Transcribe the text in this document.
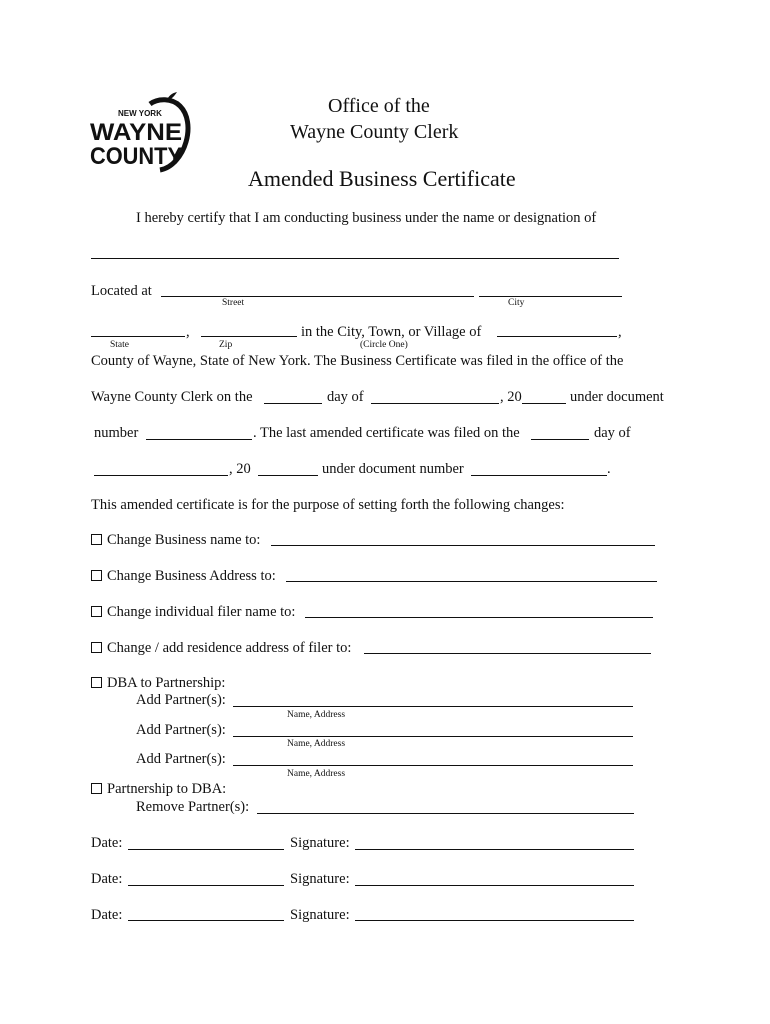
NEW YORK
WAYNE
COUNTY
Office of the
Wayne County Clerk
Amended Business Certificate
I hereby certify that I am conducting business under the name or designation of
Located at
Street	City
,	in the City, Town, or Village of	,
State	Zip	(Circle One)
County of Wayne, State of New York. The Business Certificate was filed in the office of the
Wayne County Clerk on the	day of	, 20	under document
number	. The last amended certificate was filed on the	day of
, 20	under document number	.
This amended certificate is for the purpose of setting forth the following changes:
Change Business name to:
Change Business Address to:
Change individual filer name to:
Change / add residence address of filer to:
DBA to Partnership:
Add Partner(s):
Name, Address
Add Partner(s):
Name, Address
Add Partner(s):
Name, Address
Partnership to DBA:
Remove Partner(s):
Date:	Signature:
Date:	Signature:
Date:	Signature:
